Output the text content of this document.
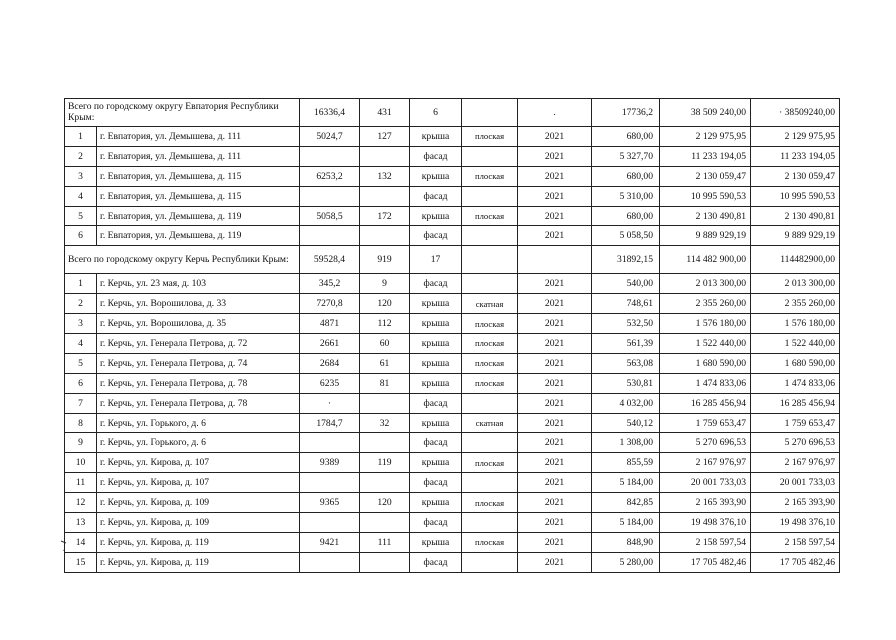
Всего по городскому округу Евпатория Республики Крым:		16336,4	431	6		.	17736,2	38 509 240,00	· 38509240,00
1	г. Евпатория, ул. Демышева, д. 111	5024,7	127	крыша	плоская	2021	680,00	2 129 975,95	2 129 975,95
2	г. Евпатория, ул. Демышева, д. 111			фасад		2021	5 327,70	11 233 194,05	11 233 194,05
3	г. Евпатория, ул. Демышева, д. 115	6253,2	132	крыша	плоская	2021	680,00	2 130 059,47	2 130 059,47
4	г. Евпатория, ул. Демышева, д. 115			фасад		2021	5 310,00	10 995 590,53	10 995 590,53
5	г. Евпатория, ул. Демышева, д. 119	5058,5	172	крыша	плоская	2021	680,00	2 130 490,81	2 130 490,81
6	г. Евпатория, ул. Демышева, д. 119			фасад		2021	5 058,50	9 889 929,19	9 889 929,19
Всего по городскому округу Керчь Республики Крым:		59528,4	919	17			31892,15	114 482 900,00	114482900,00
1	г. Керчь, ул. 23 мая, д. 103	345,2	9	фасад		2021	540,00	2 013 300,00	2 013 300,00
2	г. Керчь, ул. Ворошилова, д. 33	7270,8	120	крыша	скатная	2021	748,61	2 355 260,00	2 355 260,00
3	г. Керчь, ул. Ворошилова, д. 35	4871	112	крыша	плоская	2021	532,50	1 576 180,00	1 576 180,00
4	г. Керчь, ул. Генерала Петрова, д. 72	2661	60	крыша	плоская	2021	561,39	1 522 440,00	1 522 440,00
5	г. Керчь, ул. Генерала Петрова, д. 74	2684	61	крыша	плоская	2021	563,08	1 680 590,00	1 680 590,00
6	г. Керчь, ул. Генерала Петрова, д. 78	6235	81	крыша	плоская	2021	530,81	1 474 833,06	1 474 833,06
7	г. Керчь, ул. Генерала Петрова, д. 78	·		фасад		2021	4 032,00	16 285 456,94	16 285 456,94
8	г. Керчь, ул. Горького, д. 6	1784,7	32	крыша	скатная	2021	540,12	1 759 653,47	1 759 653,47
9	г. Керчь, ул. Горького, д. 6			фасад		2021	1 308,00	5 270 696,53	5 270 696,53
10	г. Керчь, ул. Кирова, д. 107	9389	119	крыша	плоская	2021	855,59	2 167 976,97	2 167 976,97
11	г. Керчь, ул. Кирова, д. 107			фасад		2021	5 184,00	20 001 733,03	20 001 733,03
12	г. Керчь, ул. Кирова, д. 109	9365	120	крыша	плоская	2021	842,85	2 165 393,90	2 165 393,90
13	г. Керчь, ул. Кирова, д. 109			фасад		2021	5 184,00	19 498 376,10	19 498 376,10
14	г. Керчь, ул. Кирова, д. 119	9421	111	крыша	плоская	2021	848,90	2 158 597,54	2 158 597,54
15	г. Керчь, ул. Кирова, д. 119			фасад		2021	5 280,00	17 705 482,46	17 705 482,46
